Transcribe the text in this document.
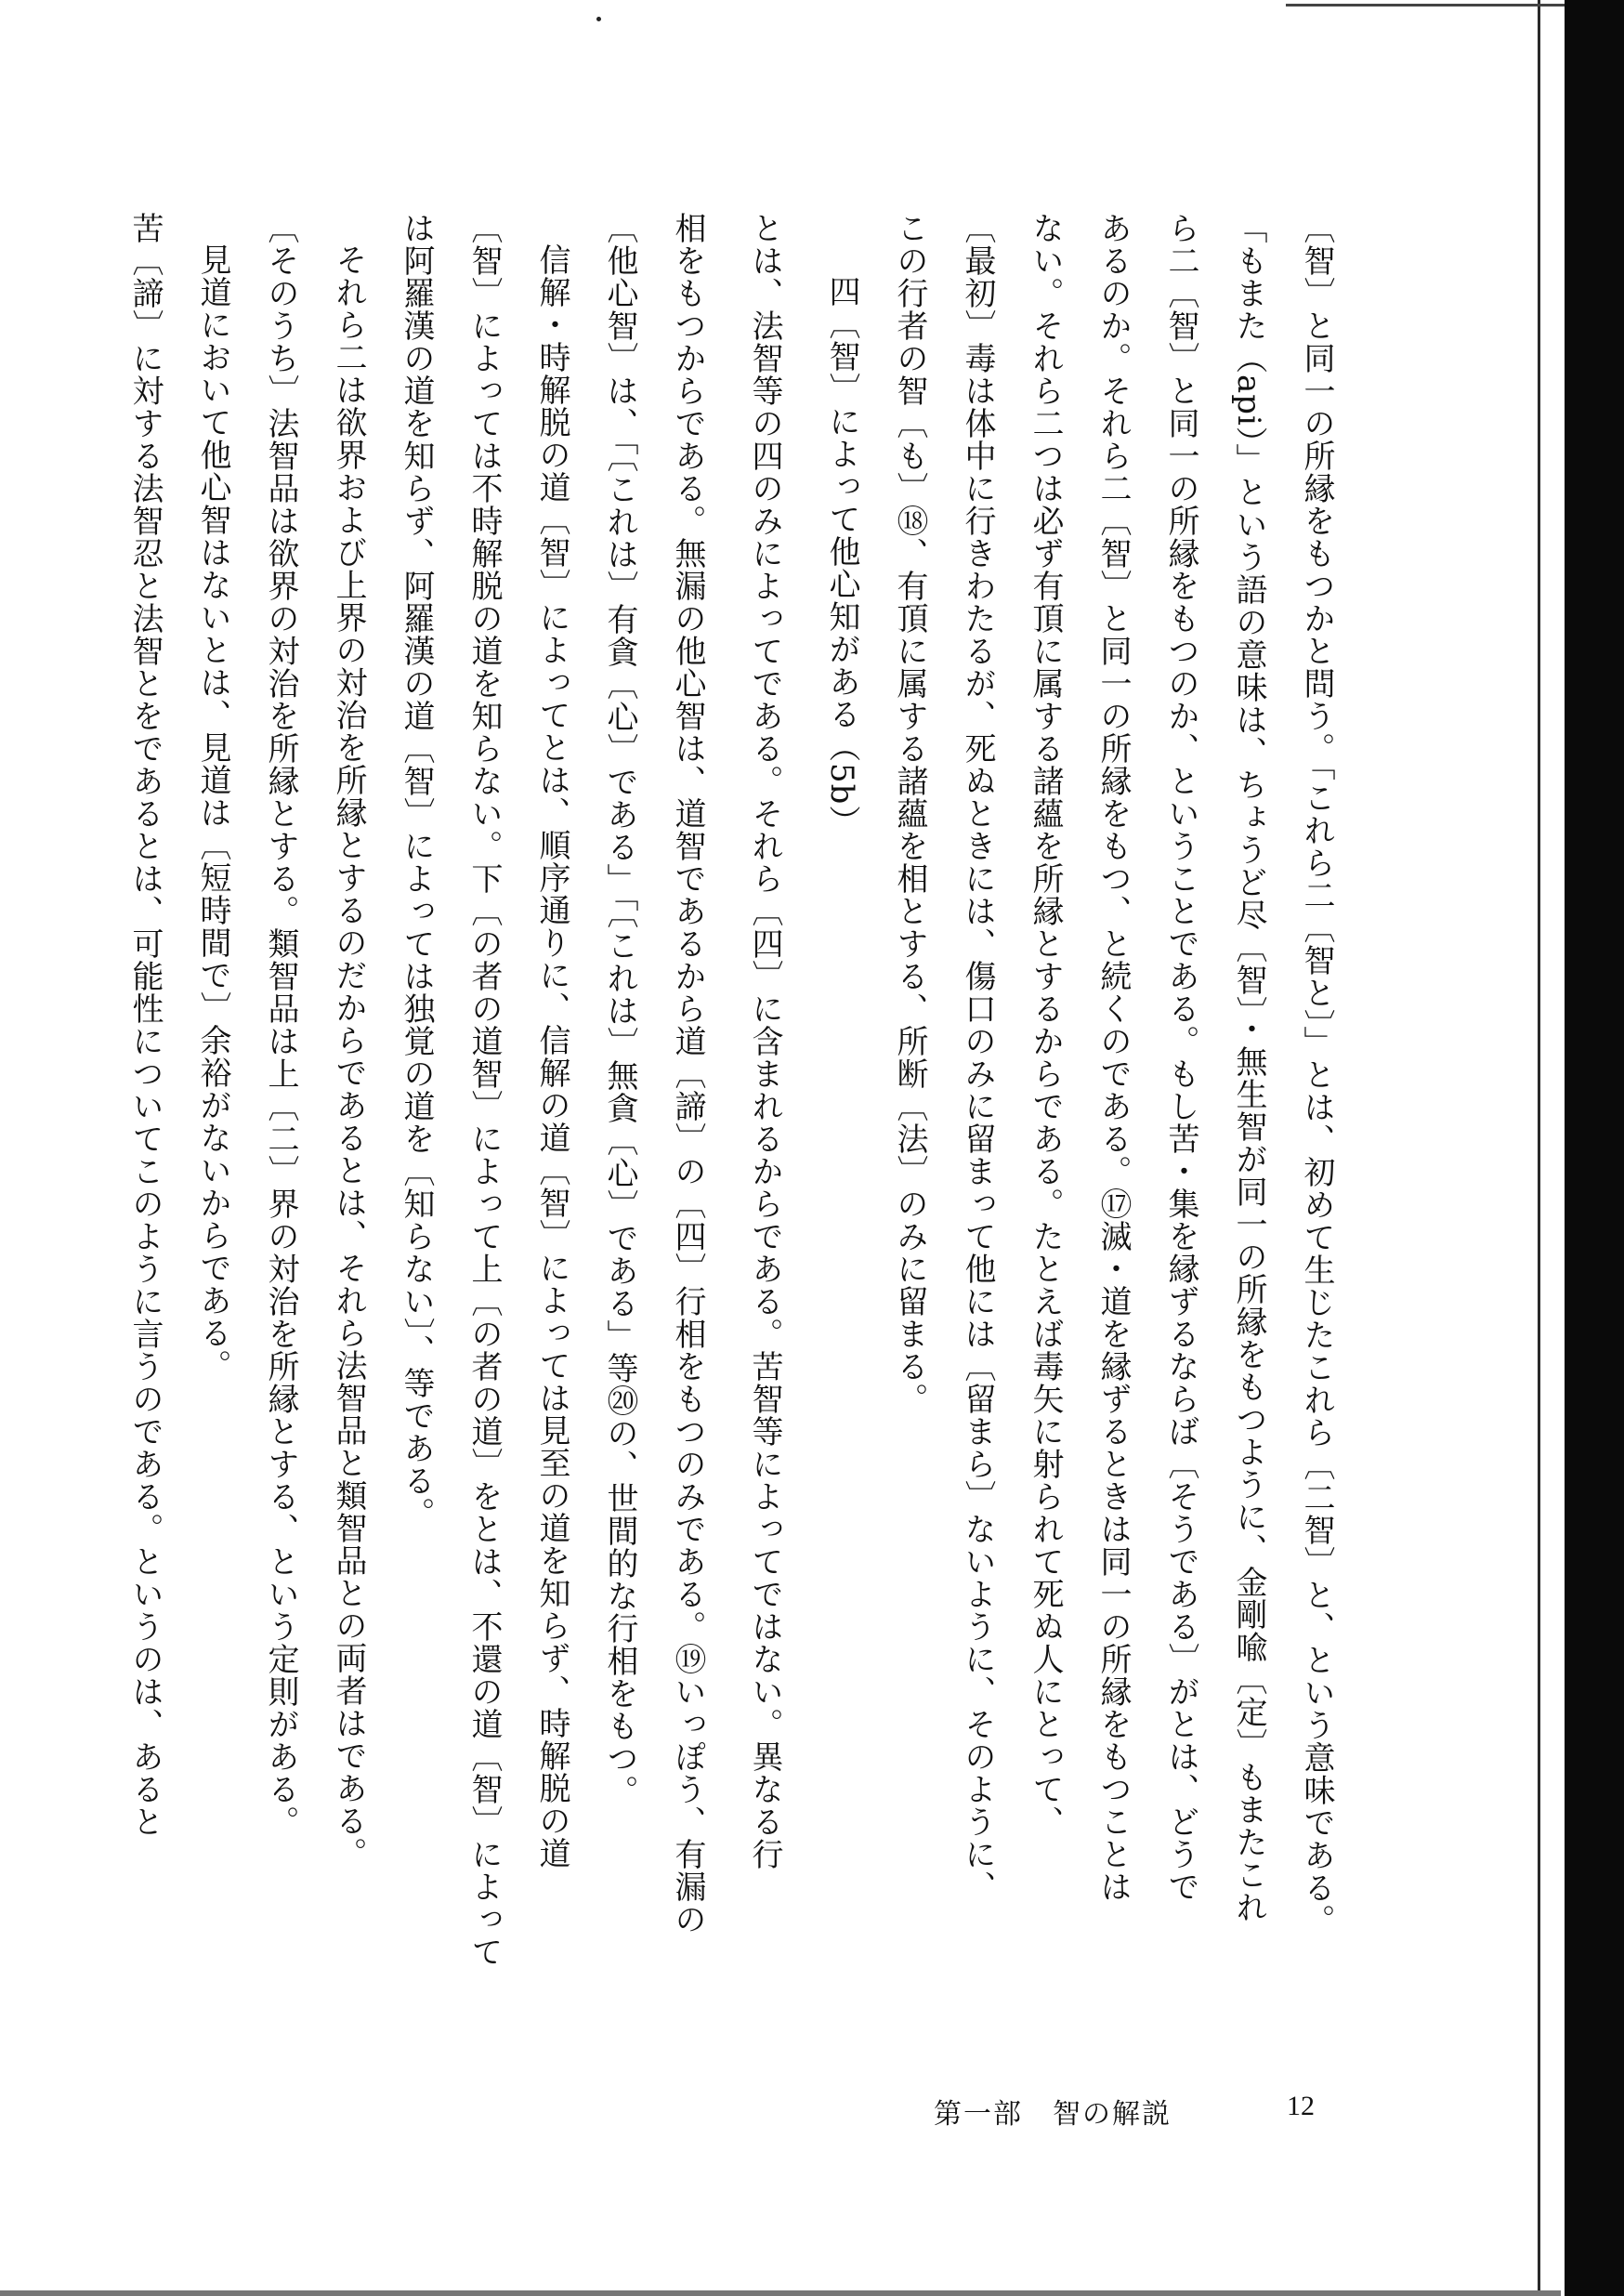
〔智〕と同一の所縁をもつかと問う。「これら二〔智と〕」とは、初めて生じたこれら〔二智〕と、という意味である。
「もまた（api）」という語の意味は、ちょうど尽〔智〕・無生智が同一の所縁をもつように、金剛喩〔定〕もまたこれ
ら二〔智〕と同一の所縁をもつのか、ということである。もし苦・集を縁ずるならば〔そうである〕がとは、どうで
あるのか。それら二〔智〕と同一の所縁をもつ、と続くのである。⑰滅・道を縁ずるときは同一の所縁をもつことは
ない。それら二つは必ず有頂に属する諸蘊を所縁とするからである。たとえば毒矢に射られて死ぬ人にとって、
〔最初〕毒は体中に行きわたるが、死ぬときには、傷口のみに留まって他には〔留まら〕ないように、そのように、
この行者の智〔も〕⑱、有頂に属する諸蘊を相とする、所断〔法〕のみに留まる。
四〔智〕によって他心知がある（5b）
とは、法智等の四のみによってである。それら〔四〕に含まれるからである。苦智等によってではない。異なる行
相をもつからである。無漏の他心智は、道智であるから道〔諦〕の〔四〕行相をもつのみである。⑲いっぽう、有漏の
〔他心智〕は、「〔これは〕有貪〔心〕である」「〔これは〕無貪〔心〕である」等⑳の、世間的な行相をもつ。
信解・時解脱の道〔智〕によってとは、順序通りに、信解の道〔智〕によっては見至の道を知らず、時解脱の道
〔智〕によっては不時解脱の道を知らない。下〔の者の道智〕によって上〔の者の道〕をとは、不還の道〔智〕によって
は阿羅漢の道を知らず、阿羅漢の道〔智〕によっては独覚の道を〔知らない〕、等である。
それら二は欲界および上界の対治を所縁とするのだからであるとは、それら法智品と類智品との両者はである。
〔そのうち〕法智品は欲界の対治を所縁とする。類智品は上〔二〕界の対治を所縁とする、という定則がある。
見道において他心智はないとは、見道は〔短時間で〕余裕がないからである。
苦〔諦〕に対する法智忍と法智とをであるとは、可能性についてこのように言うのである。というのは、あると
第一部　智の解説	12
